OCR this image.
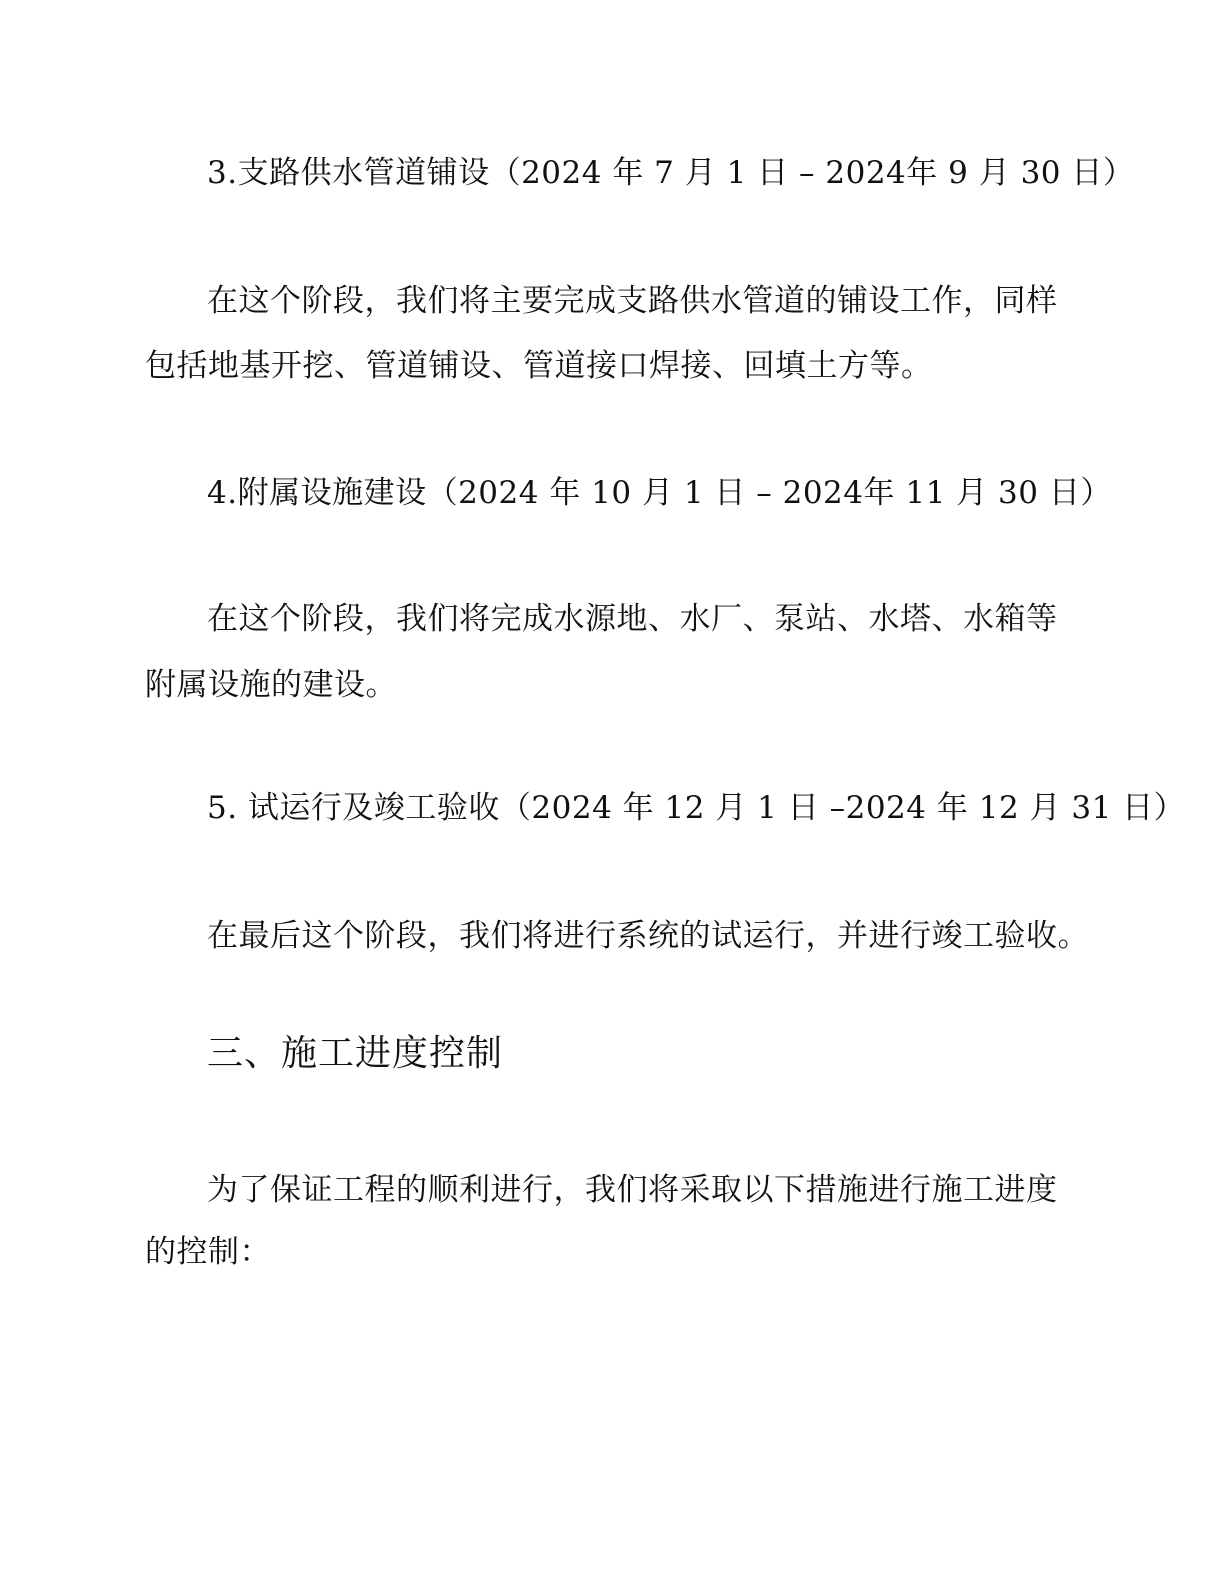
3.支路供水管道铺设（2024 年 7 月 1 日 – 2024年 9 月 30 日）
在这个阶段，我们将主要完成支路供水管道的铺设工作，同样
包括地基开挖、管道铺设、管道接口焊接、回填土方等。
4.附属设施建设（2024 年 10 月 1 日 – 2024年 11 月 30 日）
在这个阶段，我们将完成水源地、水厂、泵站、水塔、水箱等
附属设施的建设。
5. 试运行及竣工验收（2024 年 12 月 1 日 –2024 年 12 月 31 日）
在最后这个阶段，我们将进行系统的试运行，并进行竣工验收。
三、施工进度控制
为了保证工程的顺利进行，我们将采取以下措施进行施工进度
的控制：
